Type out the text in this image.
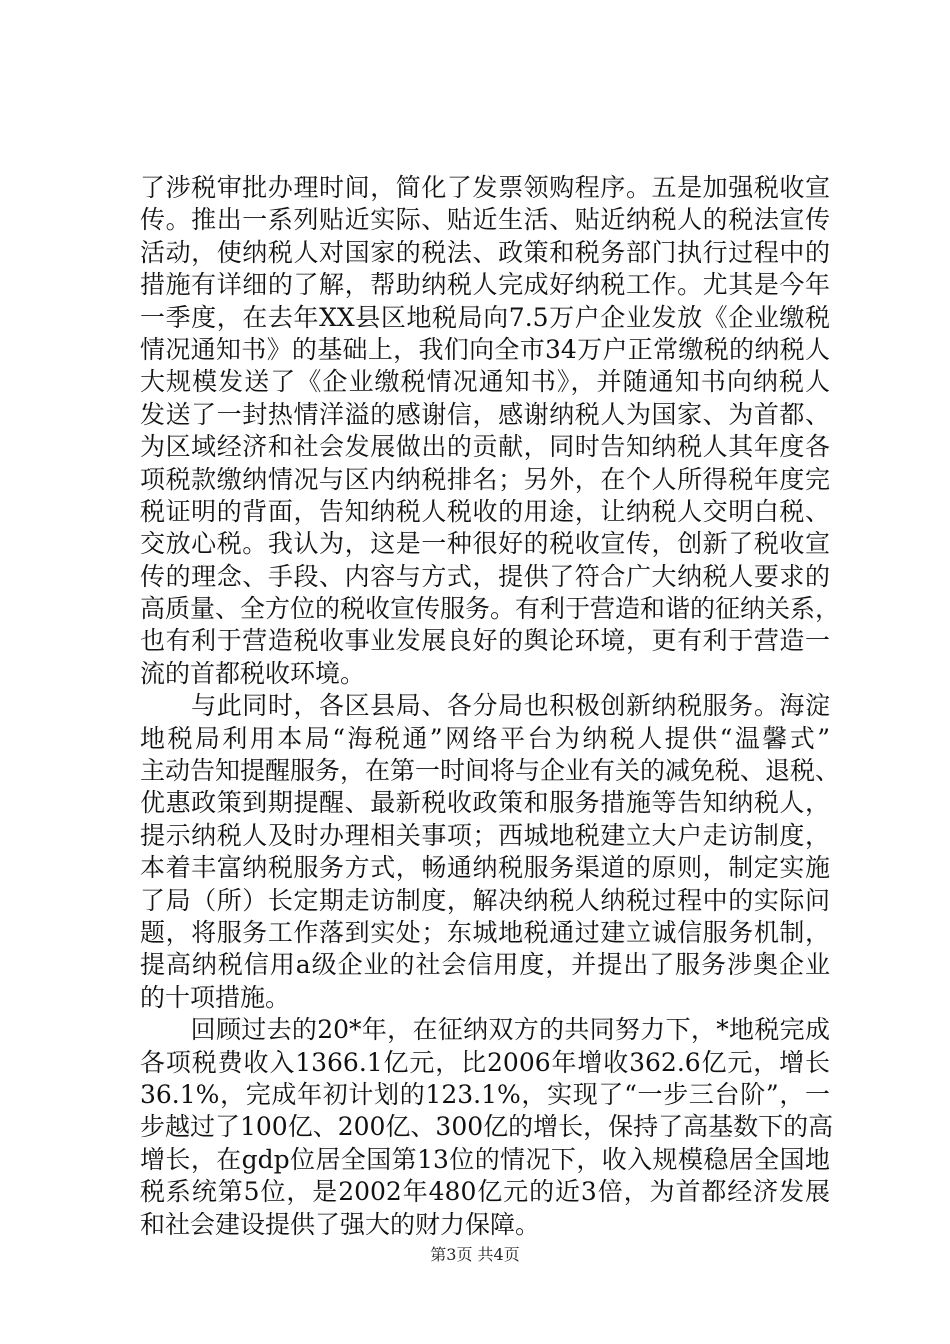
了涉税审批办理时间，简化了发票领购程序。五是加强税收宣
传。推出一系列贴近实际、贴近生活、贴近纳税人的税法宣传
活动，使纳税人对国家的税法、政策和税务部门执行过程中的
措施有详细的了解，帮助纳税人完成好纳税工作。尤其是今年
一季度，在去年XX县区地税局向7.5万户企业发放《企业缴税
情况通知书》的基础上，我们向全市34万户正常缴税的纳税人
大规模发送了《企业缴税情况通知书》，并随通知书向纳税人
发送了一封热情洋溢的感谢信，感谢纳税人为国家、为首都、
为区域经济和社会发展做出的贡献，同时告知纳税人其年度各
项税款缴纳情况与区内纳税排名；另外，在个人所得税年度完
税证明的背面，告知纳税人税收的用途，让纳税人交明白税、
交放心税。我认为，这是一种很好的税收宣传，创新了税收宣
传的理念、手段、内容与方式，提供了符合广大纳税人要求的
高质量、全方位的税收宣传服务。有利于营造和谐的征纳关系，
也有利于营造税收事业发展良好的舆论环境，更有利于营造一
流的首都税收环境。
　　与此同时，各区县局、各分局也积极创新纳税服务。海淀
地税局利用本局“海税通”网络平台为纳税人提供“温馨式”
主动告知提醒服务，在第一时间将与企业有关的减免税、退税、
优惠政策到期提醒、最新税收政策和服务措施等告知纳税人，
提示纳税人及时办理相关事项；西城地税建立大户走访制度，
本着丰富纳税服务方式，畅通纳税服务渠道的原则，制定实施
了局（所）长定期走访制度，解决纳税人纳税过程中的实际问
题，将服务工作落到实处；东城地税通过建立诚信服务机制，
提高纳税信用a级企业的社会信用度，并提出了服务涉奥企业
的十项措施。
　　回顾过去的20*年，在征纳双方的共同努力下，*地税完成
各项税费收入1366.1亿元，比2006年增收362.6亿元，增长
36.1%，完成年初计划的123.1%，实现了“一步三台阶”，一
步越过了100亿、200亿、300亿的增长，保持了高基数下的高
增长，在gdp位居全国第13位的情况下，收入规模稳居全国地
税系统第5位，是2002年480亿元的近3倍，为首都经济发展
和社会建设提供了强大的财力保障。
第3页 共4页
